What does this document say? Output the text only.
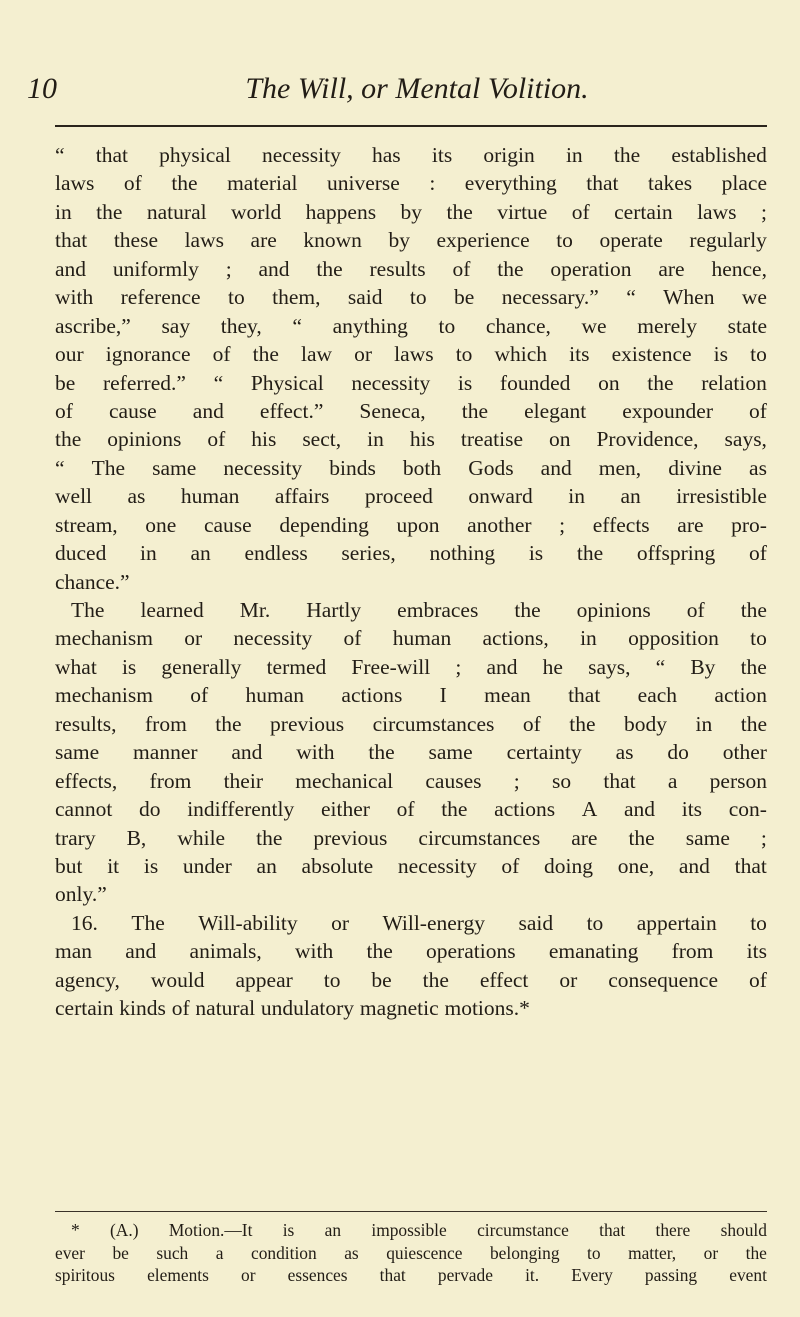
10	The Will, or Mental Volition.
“ that physical necessity has its origin in the established
laws of the material universe : everything that takes place
in the natural world happens by the virtue of certain laws ;
that these laws are known by experience to operate regularly
and uniformly ; and the results of the operation are hence,
with reference to them, said to be necessary.” “ When we
ascribe,” say they, “ anything to chance, we merely state
our ignorance of the law or laws to which its existence is to
be referred.” “ Physical necessity is founded on the relation
of cause and effect.” Seneca, the elegant expounder of
the opinions of his sect, in his treatise on Providence, says,
“ The same necessity binds both Gods and men, divine as
well as human affairs proceed onward in an irresistible
stream, one cause depending upon another ; effects are pro-
duced in an endless series, nothing is the offspring of
chance.”
The learned Mr. Hartly embraces the opinions of the
mechanism or necessity of human actions, in opposition to
what is generally termed Free-will ; and he says, “ By the
mechanism of human actions I mean that each action
results, from the previous circumstances of the body in the
same manner and with the same certainty as do other
effects, from their mechanical causes ; so that a person
cannot do indifferently either of the actions A and its con-
trary B, while the previous circumstances are the same ;
but it is under an absolute necessity of doing one, and that
only.”
16. The Will-ability or Will-energy said to appertain to
man and animals, with the operations emanating from its
agency, would appear to be the effect or consequence of
certain kinds of natural undulatory magnetic motions.*
* (A.) Motion.—It is an impossible circumstance that there should
ever be such a condition as quiescence belonging to matter, or the
spiritous elements or essences that pervade it. Every passing event
